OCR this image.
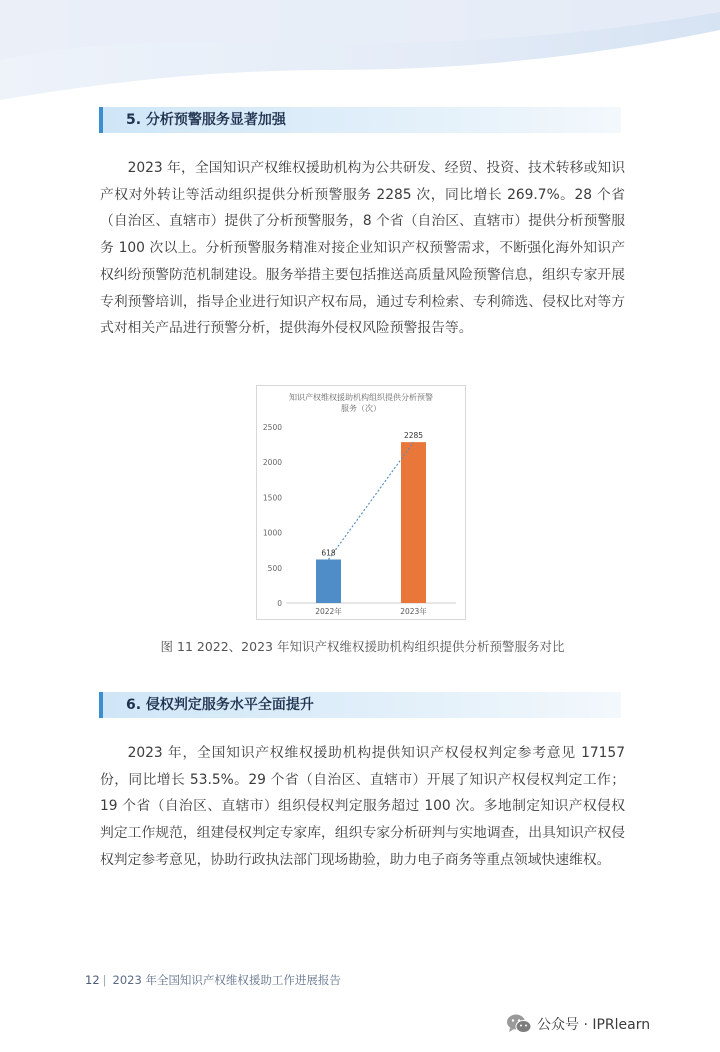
5. 分析预警服务显著加强

2023 年，全国知识产权维权援助机构为公共研发、经贸、投资、技术转移或知识产权对外转让等活动组织提供分析预警服务 2285 次，同比增长 269.7%。28 个省（自治区、直辖市）提供了分析预警服务，8 个省（自治区、直辖市）提供分析预警服务 100 次以上。分析预警服务精准对接企业知识产权预警需求，不断强化海外知识产权纠纷预警防范机制建设。服务举措主要包括推送高质量风险预警信息，组织专家开展专利预警培训，指导企业进行知识产权布局，通过专利检索、专利筛选、侵权比对等方式对相关产品进行预警分析，提供海外侵权风险预警报告等。

知识产权维权援助机构组织提供分析预警
服务（次）
0
500
1000
1500
2000
2500
618
2022年
2285
2023年
图 11 2022、2023 年知识产权维权援助机构组织提供分析预警服务对比
6. 侵权判定服务水平全面提升

2023 年，全国知识产权维权援助机构提供知识产权侵权判定参考意见 17157 份，同比增长 53.5%。29 个省（自治区、直辖市）开展了知识产权侵权判定工作；19 个省（自治区、直辖市）组织侵权判定服务超过 100 次。多地制定知识产权侵权判定工作规范，组建侵权判定专家库，组织专家分析研判与实地调查，出具知识产权侵权判定参考意见，协助行政执法部门现场勘验，助力电子商务等重点领域快速维权。

12 | 2023 年全国知识产权维权援助工作进展报告
公众号 · IPRlearn
